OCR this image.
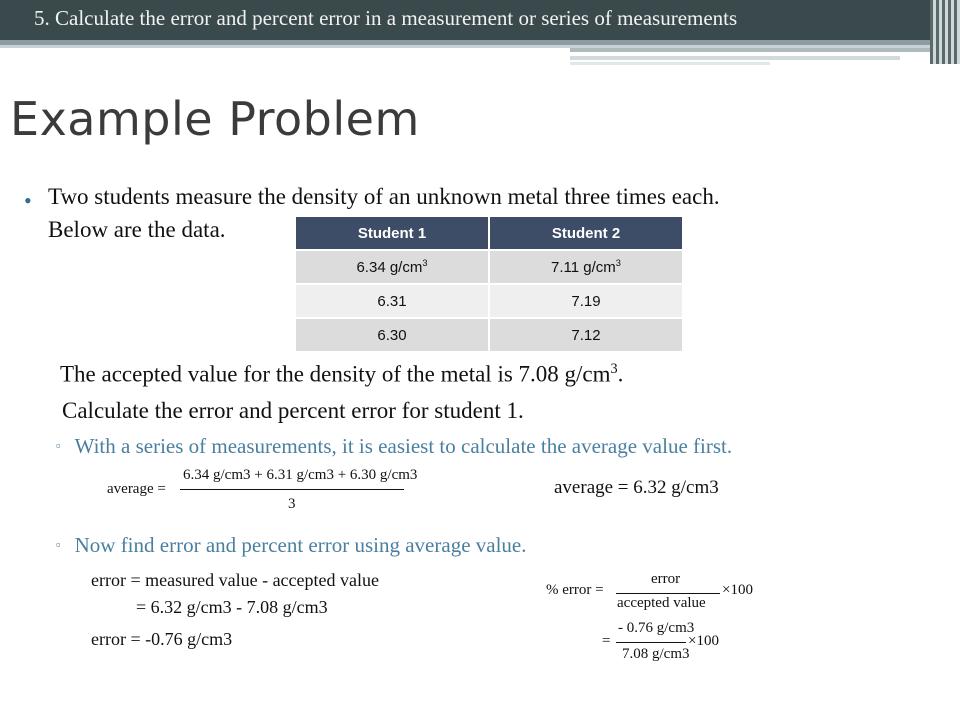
5. Calculate the error and percent error in a measurement or series of measurements
Example Problem
• Two students measure the density of an unknown metal three times each.
Below are the data.	Student 1	Student 2
6.34 $g/cm^3$	7.11 $g/cm^3$
6.31	7.19
6.30	7.12
The accepted value for the density of the metal is 7.08 $g/cm^3$.
Calculate the error and percent error for student 1.
▫ With a series of measurements, it is easiest to calculate the average value first.
average =
6.34 g/cm3 + 6.31 g/cm3 + 6.30 g/cm3
3
average = 6.32 g/cm3
▫ Now find error and percent error using average value.
error = measured value - accepted value
= 6.32 g/cm3 - 7.08 g/cm3
error = -0.76 g/cm3
% error =
error
accepted value
×100
=
- 0.76 g/cm3
7.08 g/cm3
×100
